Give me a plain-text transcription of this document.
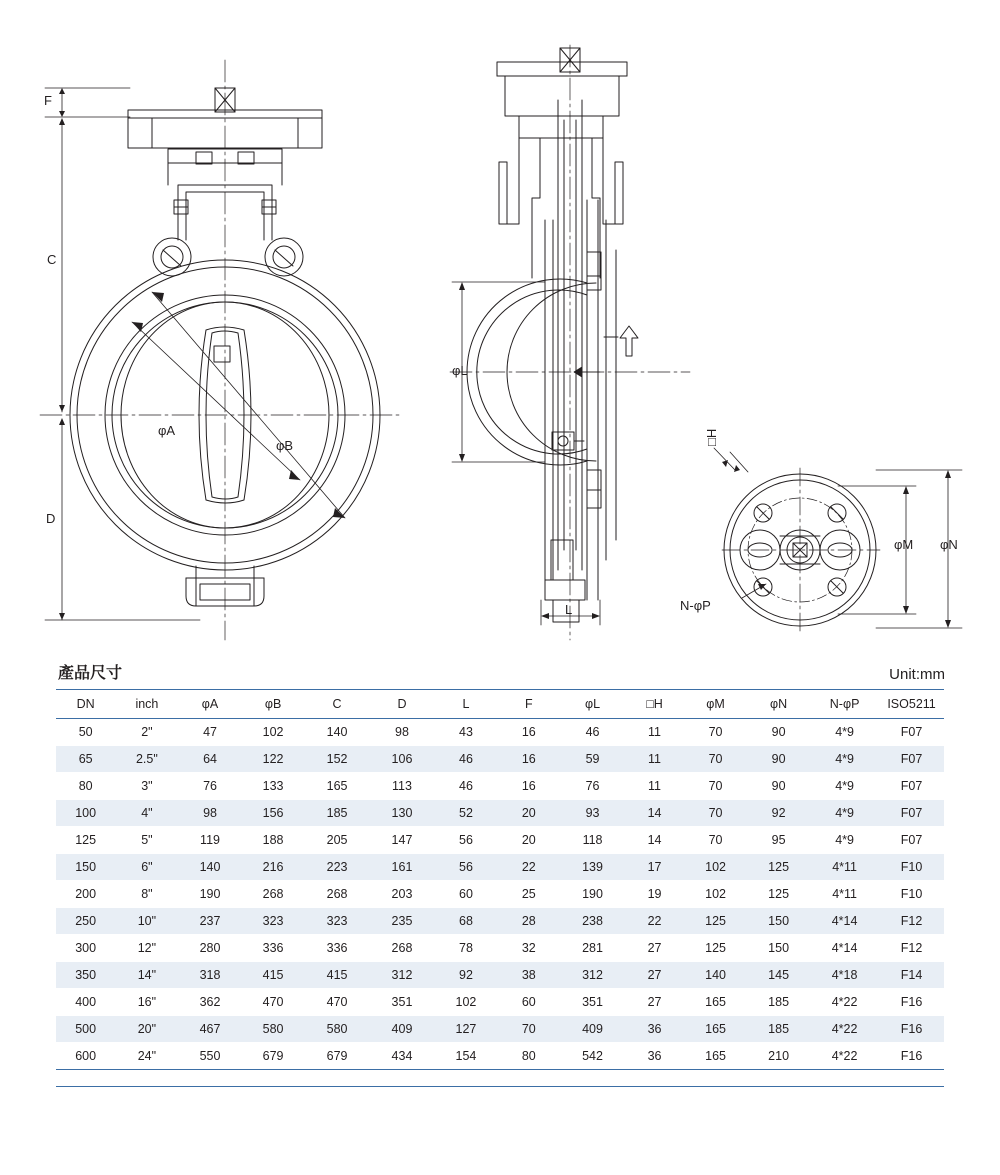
F
C
D
φA
φB
φL
L
□H
φM φN
N-φP
產品尺寸	Unit:mm
DN	inch	φA	φB	C	D	L	F	φL	□H	φM	φN	N-φP	ISO5211
50	2"	47	102	140	98	43	16	46	11	70	90	4*9	F07
65	2.5"	64	122	152	106	46	16	59	11	70	90	4*9	F07
80	3"	76	133	165	113	46	16	76	11	70	90	4*9	F07
100	4"	98	156	185	130	52	20	93	14	70	92	4*9	F07
125	5"	119	188	205	147	56	20	118	14	70	95	4*9	F07
150	6"	140	216	223	161	56	22	139	17	102	125	4*11	F10
200	8"	190	268	268	203	60	25	190	19	102	125	4*11	F10
250	10"	237	323	323	235	68	28	238	22	125	150	4*14	F12
300	12"	280	336	336	268	78	32	281	27	125	150	4*14	F12
350	14"	318	415	415	312	92	38	312	27	140	145	4*18	F14
400	16"	362	470	470	351	102	60	351	27	165	185	4*22	F16
500	20"	467	580	580	409	127	70	409	36	165	185	4*22	F16
600	24"	550	679	679	434	154	80	542	36	165	210	4*22	F16
